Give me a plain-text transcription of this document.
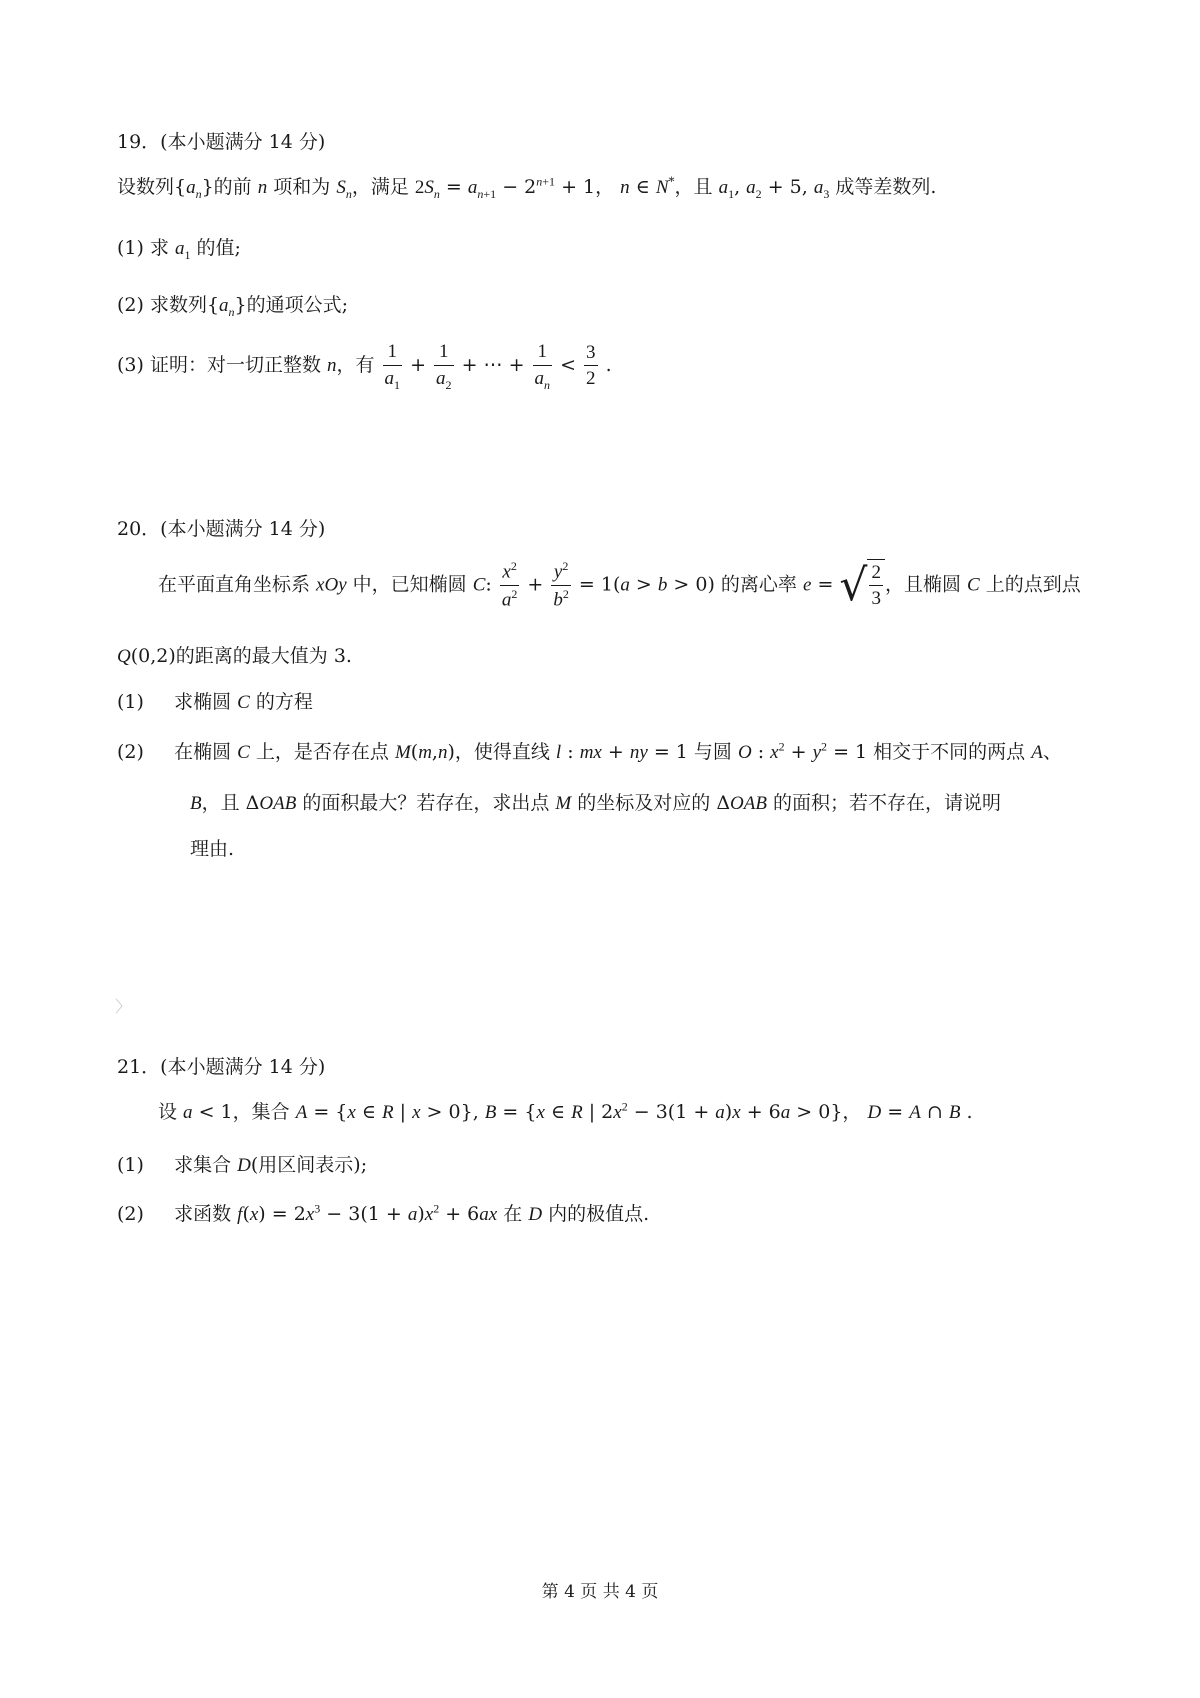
19．(本小题满分 14 分)
设数列$\{a_n\}$的前 n 项和为 $S_n$，满足 $2S_n = a_{n+1} - 2^{n+1} + 1$， n ∈ N*，且 $a_1$, $a_2 + 5$, $a_3$ 成等差数列.
(1) 求 $a_1$ 的值;
(2) 求数列$\{a_n\}$的通项公式;
(3) 证明：对一切正整数 n，有 $\frac{1}{a_1} + \frac{1}{a_2}$ + ⋯ + $\frac{1}{a_n} < \frac{3}{2}$ .
20．(本小题满分 14 分)
在平面直角坐标系 xOy 中，已知椭圆 C: $\frac{x^2}{a^2} + \frac{y^2}{b^2} = 1(a > b > 0)$ 的离心率 e = √ $\frac{2}{3}$ ，且椭圆 C 上的点到点
Q(0,2)的距离的最大值为 3.
(1)     求椭圆 C 的方程
(2)     在椭圆 C 上，是否存在点 M(m,n)，使得直线 l : mx + ny = 1 与圆 O : $x^2 + y^2 = 1$ 相交于不同的两点 A、
B，且 ΔOAB 的面积最大？若存在，求出点 M 的坐标及对应的 ΔOAB 的面积；若不存在，请说明
理由.
〉
21．(本小题满分 14 分)
设 a < 1，集合 A = {x ∈ R | x > 0}, B = {x ∈ R | $2x^2 - 3(1 + a)x + 6a > 0$}， D = A ∩ B .
(1)     求集合 D(用区间表示);
(2)     求函数 $f(x) = 2x^3 - 3(1 + a)x^2 + 6ax$ 在 D 内的极值点.
第 4 页 共 4 页
